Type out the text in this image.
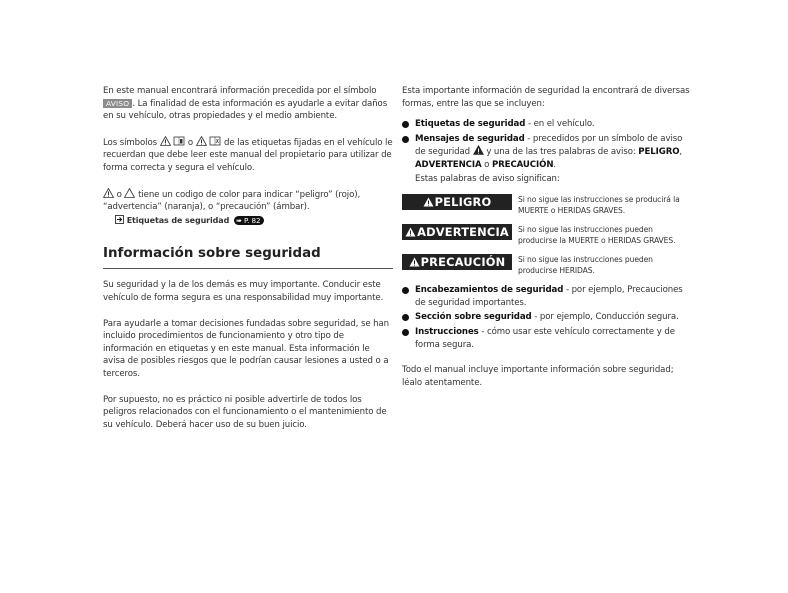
En este manual encontrará información precedida por el símbolo AVISO . La finalidad de esta información es ayudarle a evitar daños en su vehículo, otras propiedades y el medio ambiente.

Los símbolos
	o
	de las etiquetas fijadas en el vehículo le recuerdan que debe leer este manual del propietario para utilizar de forma correcta y segura el vehículo.

o tiene un codigo de color para indicar “peligro” (rojo), “advertencia” (naranja), o “precaución” (ámbar).

Etiquetas de seguridad ➠ P. 82
Información sobre seguridad

Su seguridad y la de los demás es muy importante. Conducir este vehículo de forma segura es una responsabilidad muy importante.

Para ayudarle a tomar decisiones fundadas sobre seguridad, se han incluido procedimientos de funcionamiento y otro tipo de información en etiquetas y en este manual. Esta información le avisa de posibles riesgos que le podrían causar lesiones a usted o a terceros.

Por supuesto, no es práctico ni posible advertirle de todos los peligros relacionados con el funcionamiento o el mantenimiento de su vehículo. Deberá hacer uso de su buen juicio.

Esta importante información de seguridad la encontrará de diversas formas, entre las que se incluyen:

Etiquetas de seguridad - en el vehículo.
Mensajes de seguridad - precedidos por un símbolo de aviso de seguridad
y una de las tres palabras de aviso: PELIGRO, ADVERTENCIA o PRECAUCIÓN.

Estas palabras de aviso significan:

PELIGRO	Si no sigue las instrucciones se producirá la MUERTE o HERIDAS GRAVES.
ADVERTENCIA	Si no sigue las instrucciones pueden producirse la MUERTE o HERIDAS GRAVES.
PRECAUCIÓN	Si no sigue las instrucciones pueden producirse HERIDAS.
Encabezamientos de seguridad - por ejemplo, Precauciones de seguridad importantes.
Sección sobre seguridad - por ejemplo, Conducción segura.
Instrucciones - cómo usar este vehículo correctamente y de forma segura.

Todo el manual incluye importante información sobre seguridad; léalo atentamente.
